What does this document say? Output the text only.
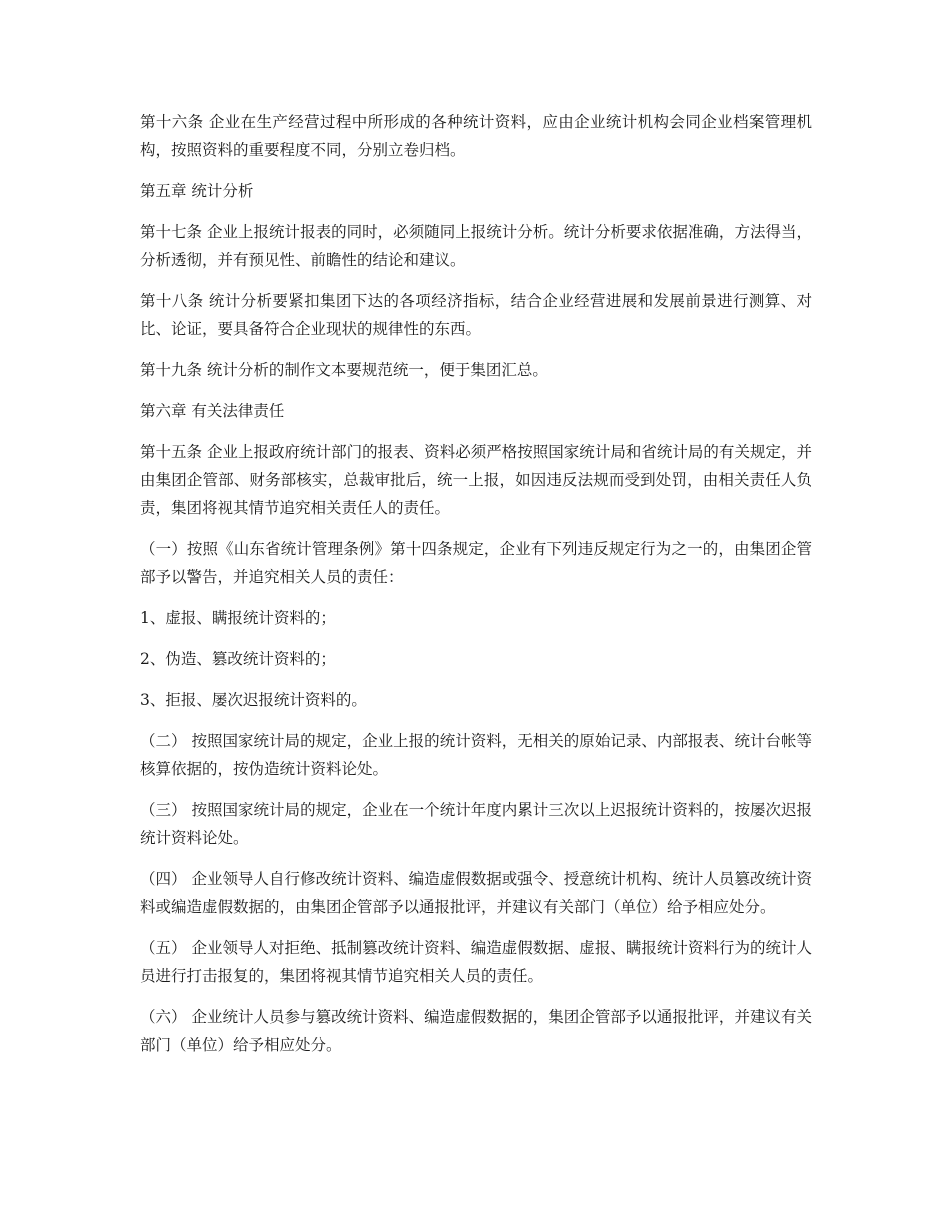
第十六条 企业在生产经营过程中所形成的各种统计资料，应由企业统计机构会同企业档案管理机构，按照资料的重要程度不同，分别立卷归档。

第五章 统计分析

第十七条 企业上报统计报表的同时，必须随同上报统计分析。统计分析要求依据准确，方法得当，分析透彻，并有预见性、前瞻性的结论和建议。

第十八条 统计分析要紧扣集团下达的各项经济指标，结合企业经营进展和发展前景进行测算、对比、论证，要具备符合企业现状的规律性的东西。

第十九条 统计分析的制作文本要规范统一，便于集团汇总。

第六章 有关法律责任

第十五条 企业上报政府统计部门的报表、资料必须严格按照国家统计局和省统计局的有关规定，并由集团企管部、财务部核实，总裁审批后，统一上报，如因违反法规而受到处罚，由相关责任人负责，集团将视其情节追究相关责任人的责任。

（一）按照《山东省统计管理条例》第十四条规定，企业有下列违反规定行为之一的，由集团企管部予以警告，并追究相关人员的责任：

1、虚报、瞒报统计资料的；

2、伪造、篡改统计资料的；

3、拒报、屡次迟报统计资料的。

（二） 按照国家统计局的规定，企业上报的统计资料，无相关的原始记录、内部报表、统计台帐等核算依据的，按伪造统计资料论处。

（三） 按照国家统计局的规定，企业在一个统计年度内累计三次以上迟报统计资料的，按屡次迟报统计资料论处。

（四） 企业领导人自行修改统计资料、编造虚假数据或强令、授意统计机构、统计人员篡改统计资料或编造虚假数据的，由集团企管部予以通报批评，并建议有关部门（单位）给予相应处分。

（五） 企业领导人对拒绝、抵制篡改统计资料、编造虚假数据、虚报、瞒报统计资料行为的统计人员进行打击报复的，集团将视其情节追究相关人员的责任。

（六） 企业统计人员参与篡改统计资料、编造虚假数据的，集团企管部予以通报批评，并建议有关部门（单位）给予相应处分。
